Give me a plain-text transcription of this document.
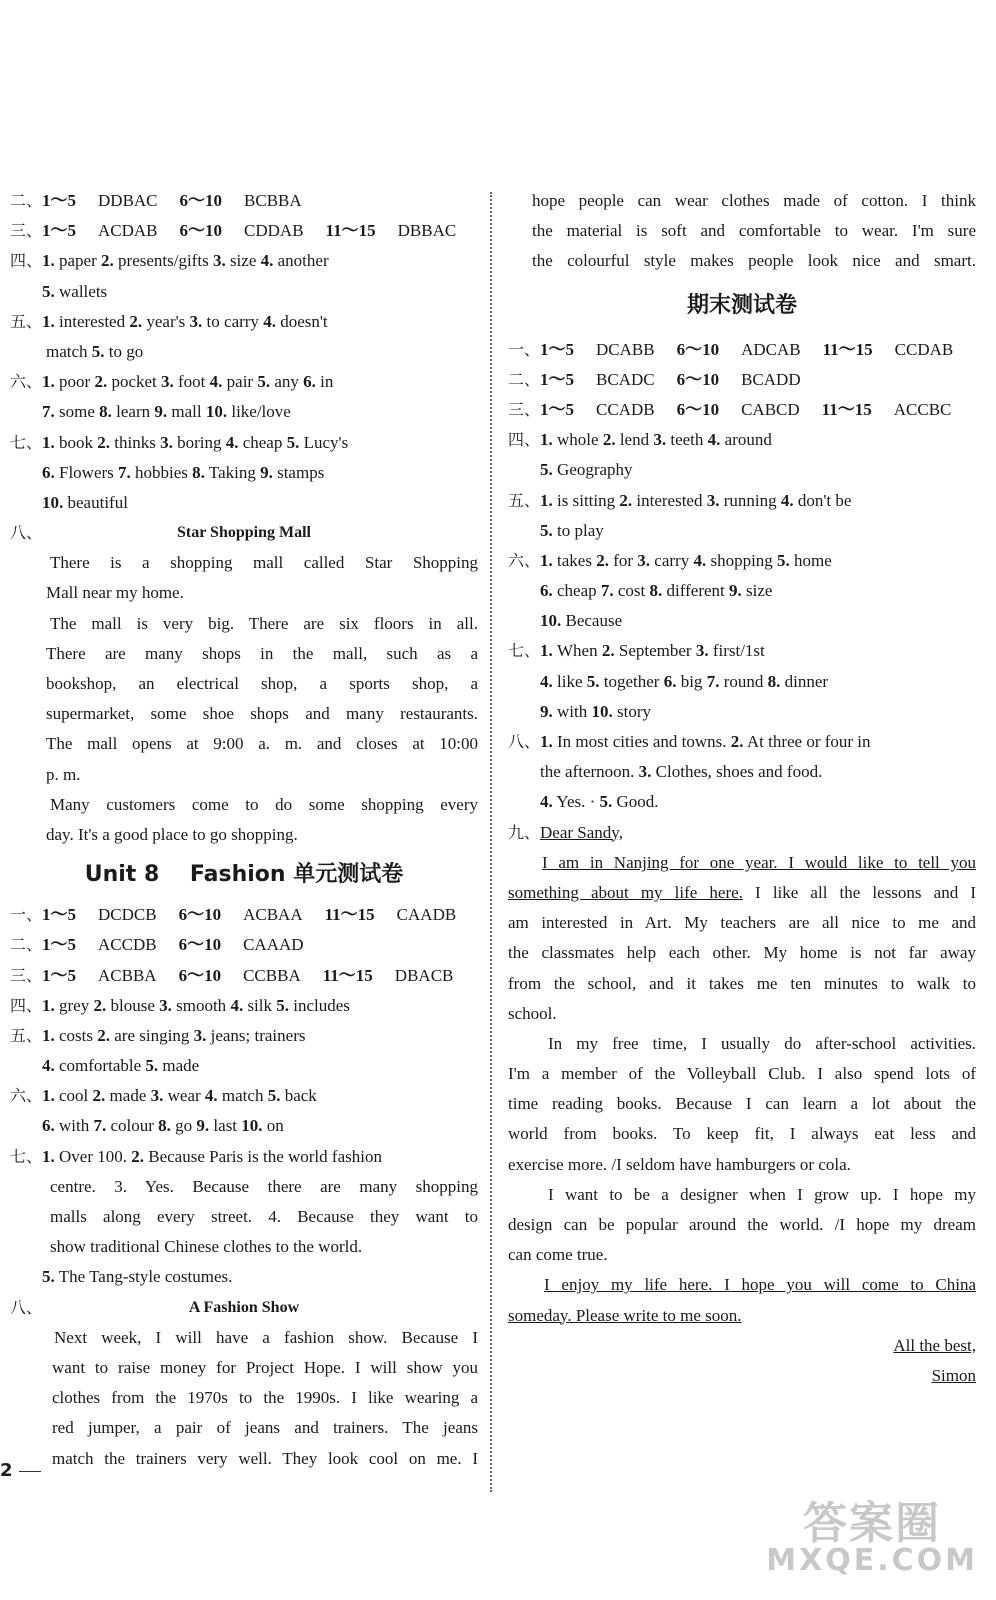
二、1～5 DDBAC 6～10 BCBBA
三、1～5 ACDAB 6～10 CDDAB 11～15 DBBAC
四、1. paper 2. presents/gifts 3. size 4. another
5. wallets
五、1. interested 2. year's 3. to carry 4. doesn't
match 5. to go
六、1. poor 2. pocket 3. foot 4. pair 5. any 6. in
7. some 8. learn 9. mall 10. like/love
七、1. book 2. thinks 3. boring 4. cheap 5. Lucy's
6. Flowers 7. hobbies 8. Taking 9. stamps
10. beautiful
八、	Star Shopping Mall
There is a shopping mall called Star Shopping
Mall near my home.
The mall is very big. There are six floors in all.
There are many shops in the mall, such as a
bookshop, an electrical shop, a sports shop, a
supermarket, some shoe shops and many restaurants.
The mall opens at 9:00 a. m. and closes at 10:00
p. m.
Many customers come to do some shopping every
day. It's a good place to go shopping.
Unit 8    Fashion 单元测试卷
一、1～5 DCDCB 6～10 ACBAA 11～15 CAADB
二、1～5 ACCDB 6～10 CAAAD
三、1～5 ACBBA 6～10 CCBBA 11～15 DBACB
四、1. grey 2. blouse 3. smooth 4. silk 5. includes
五、1. costs 2. are singing 3. jeans; trainers
4. comfortable 5. made
六、1. cool 2. made 3. wear 4. match 5. back
6. with 7. colour 8. go 9. last 10. on
七、1. Over 100. 2. Because Paris is the world fashion
centre. 3. Yes. Because there are many shopping
malls along every street. 4. Because they want to
show traditional Chinese clothes to the world.
5. The Tang-style costumes.
八、	A Fashion Show
Next week, I will have a fashion show. Because I
want to raise money for Project Hope. I will show you
clothes from the 1970s to the 1990s. I like wearing a
red jumper, a pair of jeans and trainers. The jeans
match the trainers very well. They look cool on me. I
hope people can wear clothes made of cotton. I think
the material is soft and comfortable to wear. I'm sure
the colourful style makes people look nice and smart.
期末测试卷
一、1～5 DCABB 6～10 ADCAB 11～15 CCDAB
二、1～5 BCADC 6～10 BCADD
三、1～5 CCADB 6～10 CABCD 11～15 ACCBC
四、1. whole 2. lend 3. teeth 4. around
5. Geography
五、1. is sitting 2. interested 3. running 4. don't be
5. to play
六、1. takes 2. for 3. carry 4. shopping 5. home
6. cheap 7. cost 8. different 9. size
10. Because
七、1. When 2. September 3. first/1st
4. like 5. together 6. big 7. round 8. dinner
9. with 10. story
八、1. In most cities and towns. 2. At three or four in
the afternoon. 3. Clothes, shoes and food.
4. Yes. · 5. Good.
九、Dear Sandy,
I am in Nanjing for one year. I would like to tell you
something about my life here. I like all the lessons and I
am interested in Art. My teachers are all nice to me and
the classmates help each other. My home is not far away
from the school, and it takes me ten minutes to walk to
school.
In my free time, I usually do after-school activities.
I'm a member of the Volleyball Club. I also spend lots of
time reading books. Because I can learn a lot about the
world from books. To keep fit, I always eat less and
exercise more. /I seldom have hamburgers or cola.
I want to be a designer when I grow up. I hope my
design can be popular around the world. /I hope my dream
can come true.
I enjoy my life here. I hope you will come to China
someday. Please write to me soon.
All the best,
Simon
2
答案圈
MXQE.COM
